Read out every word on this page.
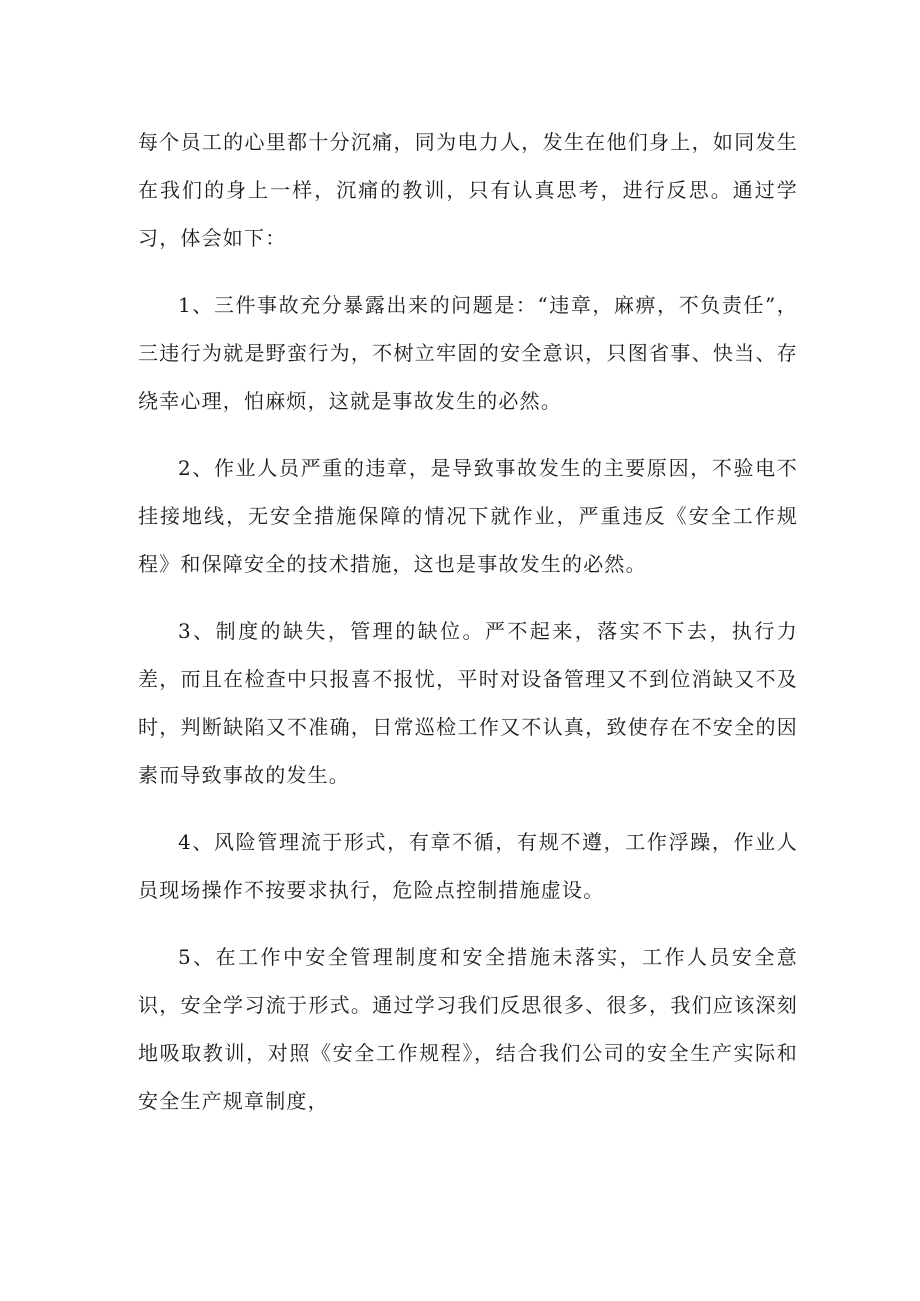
每个员工的心里都十分沉痛，同为电力人，发生在他们身上，如同发生在我们的身上一样，沉痛的教训，只有认真思考，进行反思。通过学习，体会如下：

1、三件事故充分暴露出来的问题是：“违章，麻痹，不负责任”，三违行为就是野蛮行为，不树立牢固的安全意识，只图省事、快当、存绕幸心理，怕麻烦，这就是事故发生的必然。

2、作业人员严重的违章，是导致事故发生的主要原因，不验电不挂接地线，无安全措施保障的情况下就作业，严重违反《安全工作规程》和保障安全的技术措施，这也是事故发生的必然。

3、制度的缺失，管理的缺位。严不起来，落实不下去，执行力差，而且在检查中只报喜不报忧，平时对设备管理又不到位消缺又不及时，判断缺陷又不准确，日常巡检工作又不认真，致使存在不安全的因素而导致事故的发生。

4、风险管理流于形式，有章不循，有规不遵，工作浮躁，作业人员现场操作不按要求执行，危险点控制措施虚设。

5、在工作中安全管理制度和安全措施未落实，工作人员安全意识，安全学习流于形式。通过学习我们反思很多、很多，我们应该深刻地吸取教训，对照《安全工作规程》，结合我们公司的安全生产实际和安全生产规章制度，
